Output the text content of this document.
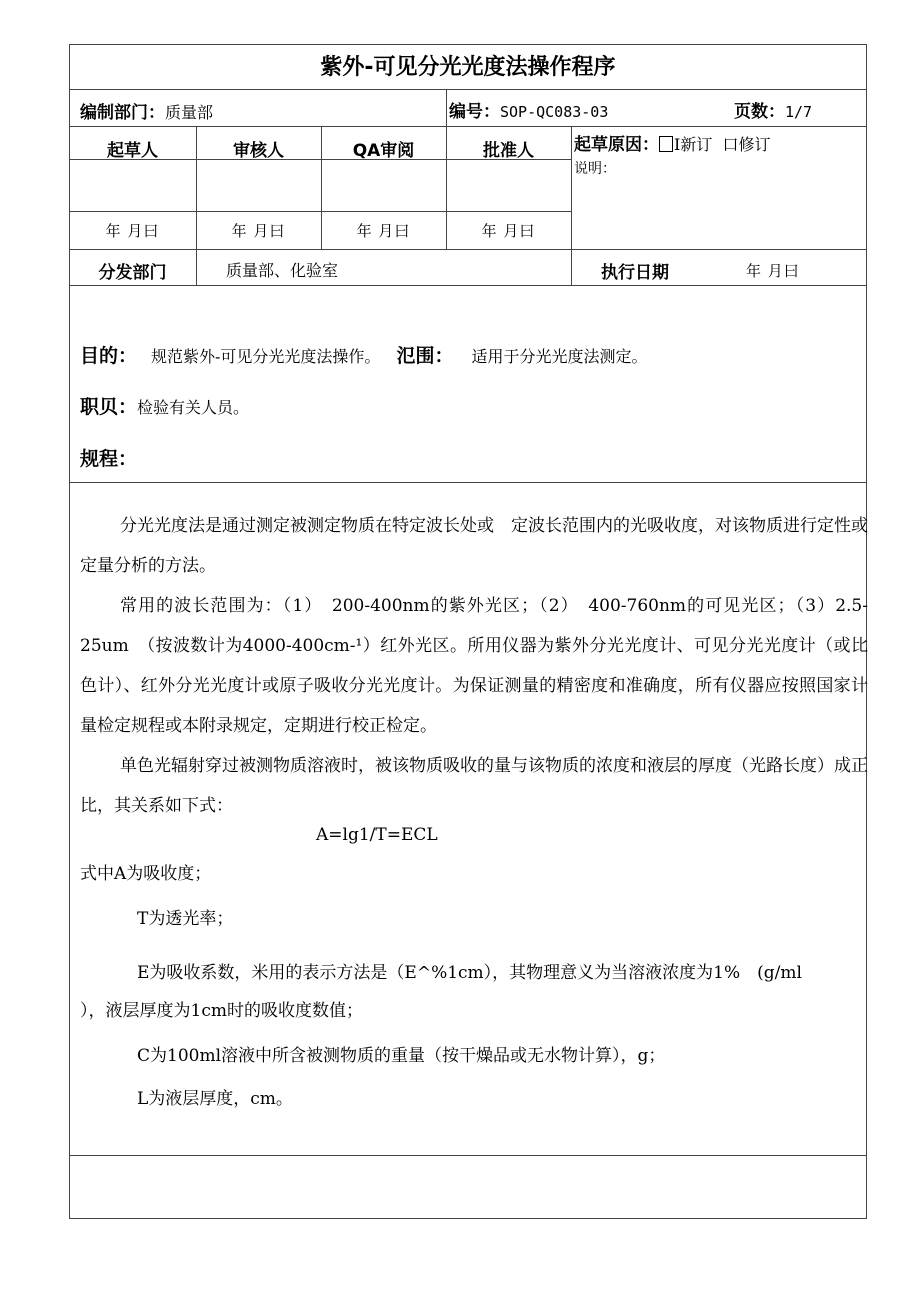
紫外-可见分光光度法操作程序
编制部门：质量部	编号：SOP-QC083-03	页数：1/7
起草人	审核人	QA审阅	批准人
年 月曰	年 月曰	年 月曰	年 月曰
起草原因： I新订 口修订
说明：
分发部门	质量部、化验室	执行日期	年 月曰
目的： 规范紫外-可见分光光度法操作。 氾围： 适用于分光光度法测定。
职贝：检验有关人员。
规程：
分光光度法是通过测定被测定物质在特定波长处或　定波长范围内的光吸收度，对该物质进行定性或定量分析的方法。
常用的波长范围为：（1）　200-400nm的紫外光区；（2）　400-760nm的可见光区；（3）2.5-25um　（按波数计为4000-400cm-¹）红外光区。所用仪器为紫外分光光度计、可见分光光度计（或比色计）、红外分光光度计或原子吸收分光光度计。为保证测量的精密度和准确度，所有仪器应按照国家计量检定规程或本附录规定，定期进行校正检定。
单色光辐射穿过被测物质溶液时，被该物质吸收的量与该物质的浓度和液层的厚度（光路长度）成正比，其关系如下式：
A=lg1/T=ECL
式中A为吸收度；
T为透光率；
E为吸收系数，米用的表示方法是（E^%1cm），其物理意义为当溶液浓度为1%　(g/ml
），液层厚度为1cm时的吸收度数值；
C为100ml溶液中所含被测物质的重量（按干燥品或无水物计算），g；
L为液层厚度，cm。
